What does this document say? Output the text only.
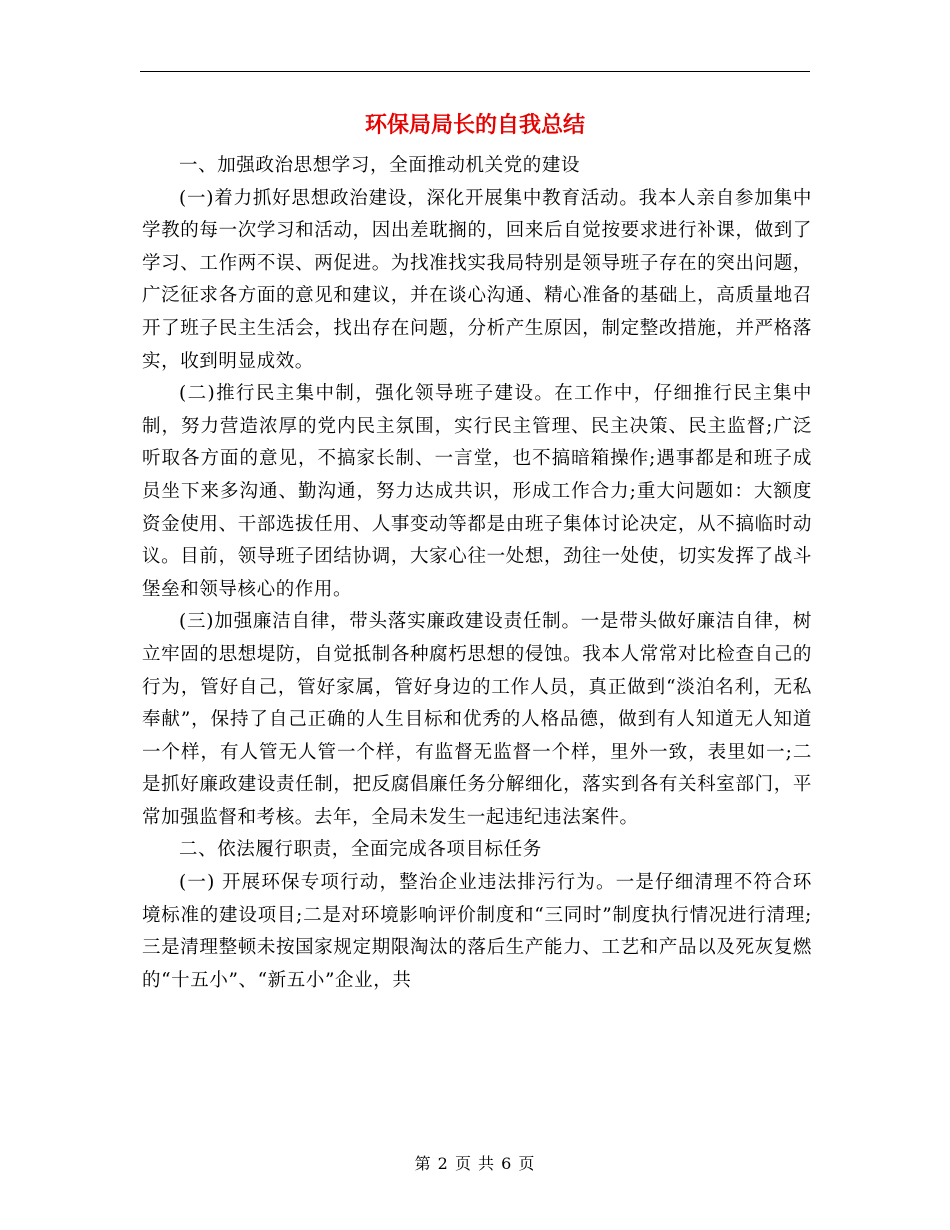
环保局局长的自我总结

一、加强政治思想学习，全面推动机关党的建设

(一)着力抓好思想政治建设，深化开展集中教育活动。我本人亲自参加集中学教的每一次学习和活动，因出差耽搁的，回来后自觉按要求进行补课，做到了学习、工作两不误、两促进。为找准找实我局特别是领导班子存在的突出问题，广泛征求各方面的意见和建议，并在谈心沟通、精心准备的基础上，高质量地召开了班子民主生活会，找出存在问题，分析产生原因，制定整改措施，并严格落实，收到明显成效。

(二)推行民主集中制，强化领导班子建设。在工作中，仔细推行民主集中制，努力营造浓厚的党内民主氛围，实行民主管理、民主决策、民主监督;广泛听取各方面的意见，不搞家长制、一言堂，也不搞暗箱操作;遇事都是和班子成员坐下来多沟通、勤沟通，努力达成共识，形成工作合力;重大问题如：大额度资金使用、干部选拔任用、人事变动等都是由班子集体讨论决定，从不搞临时动议。目前，领导班子团结协调，大家心往一处想，劲往一处使，切实发挥了战斗堡垒和领导核心的作用。

(三)加强廉洁自律，带头落实廉政建设责任制。一是带头做好廉洁自律，树立牢固的思想堤防，自觉抵制各种腐朽思想的侵蚀。我本人常常对比检查自己的行为，管好自己，管好家属，管好身边的工作人员，真正做到“淡泊名利，无私奉献”，保持了自己正确的人生目标和优秀的人格品德，做到有人知道无人知道一个样，有人管无人管一个样，有监督无监督一个样，里外一致，表里如一;二是抓好廉政建设责任制，把反腐倡廉任务分解细化，落实到各有关科室部门，平常加强监督和考核。去年，全局未发生一起违纪违法案件。

二、依法履行职责，全面完成各项目标任务

(一) 开展环保专项行动，整治企业违法排污行为。一是仔细清理不符合环境标准的建设项目;二是对环境影响评价制度和“三同时”制度执行情况进行清理;三是清理整顿未按国家规定期限淘汰的落后生产能力、工艺和产品以及死灰复燃的“十五小”、“新五小”企业，共

第 2 页 共 6 页
